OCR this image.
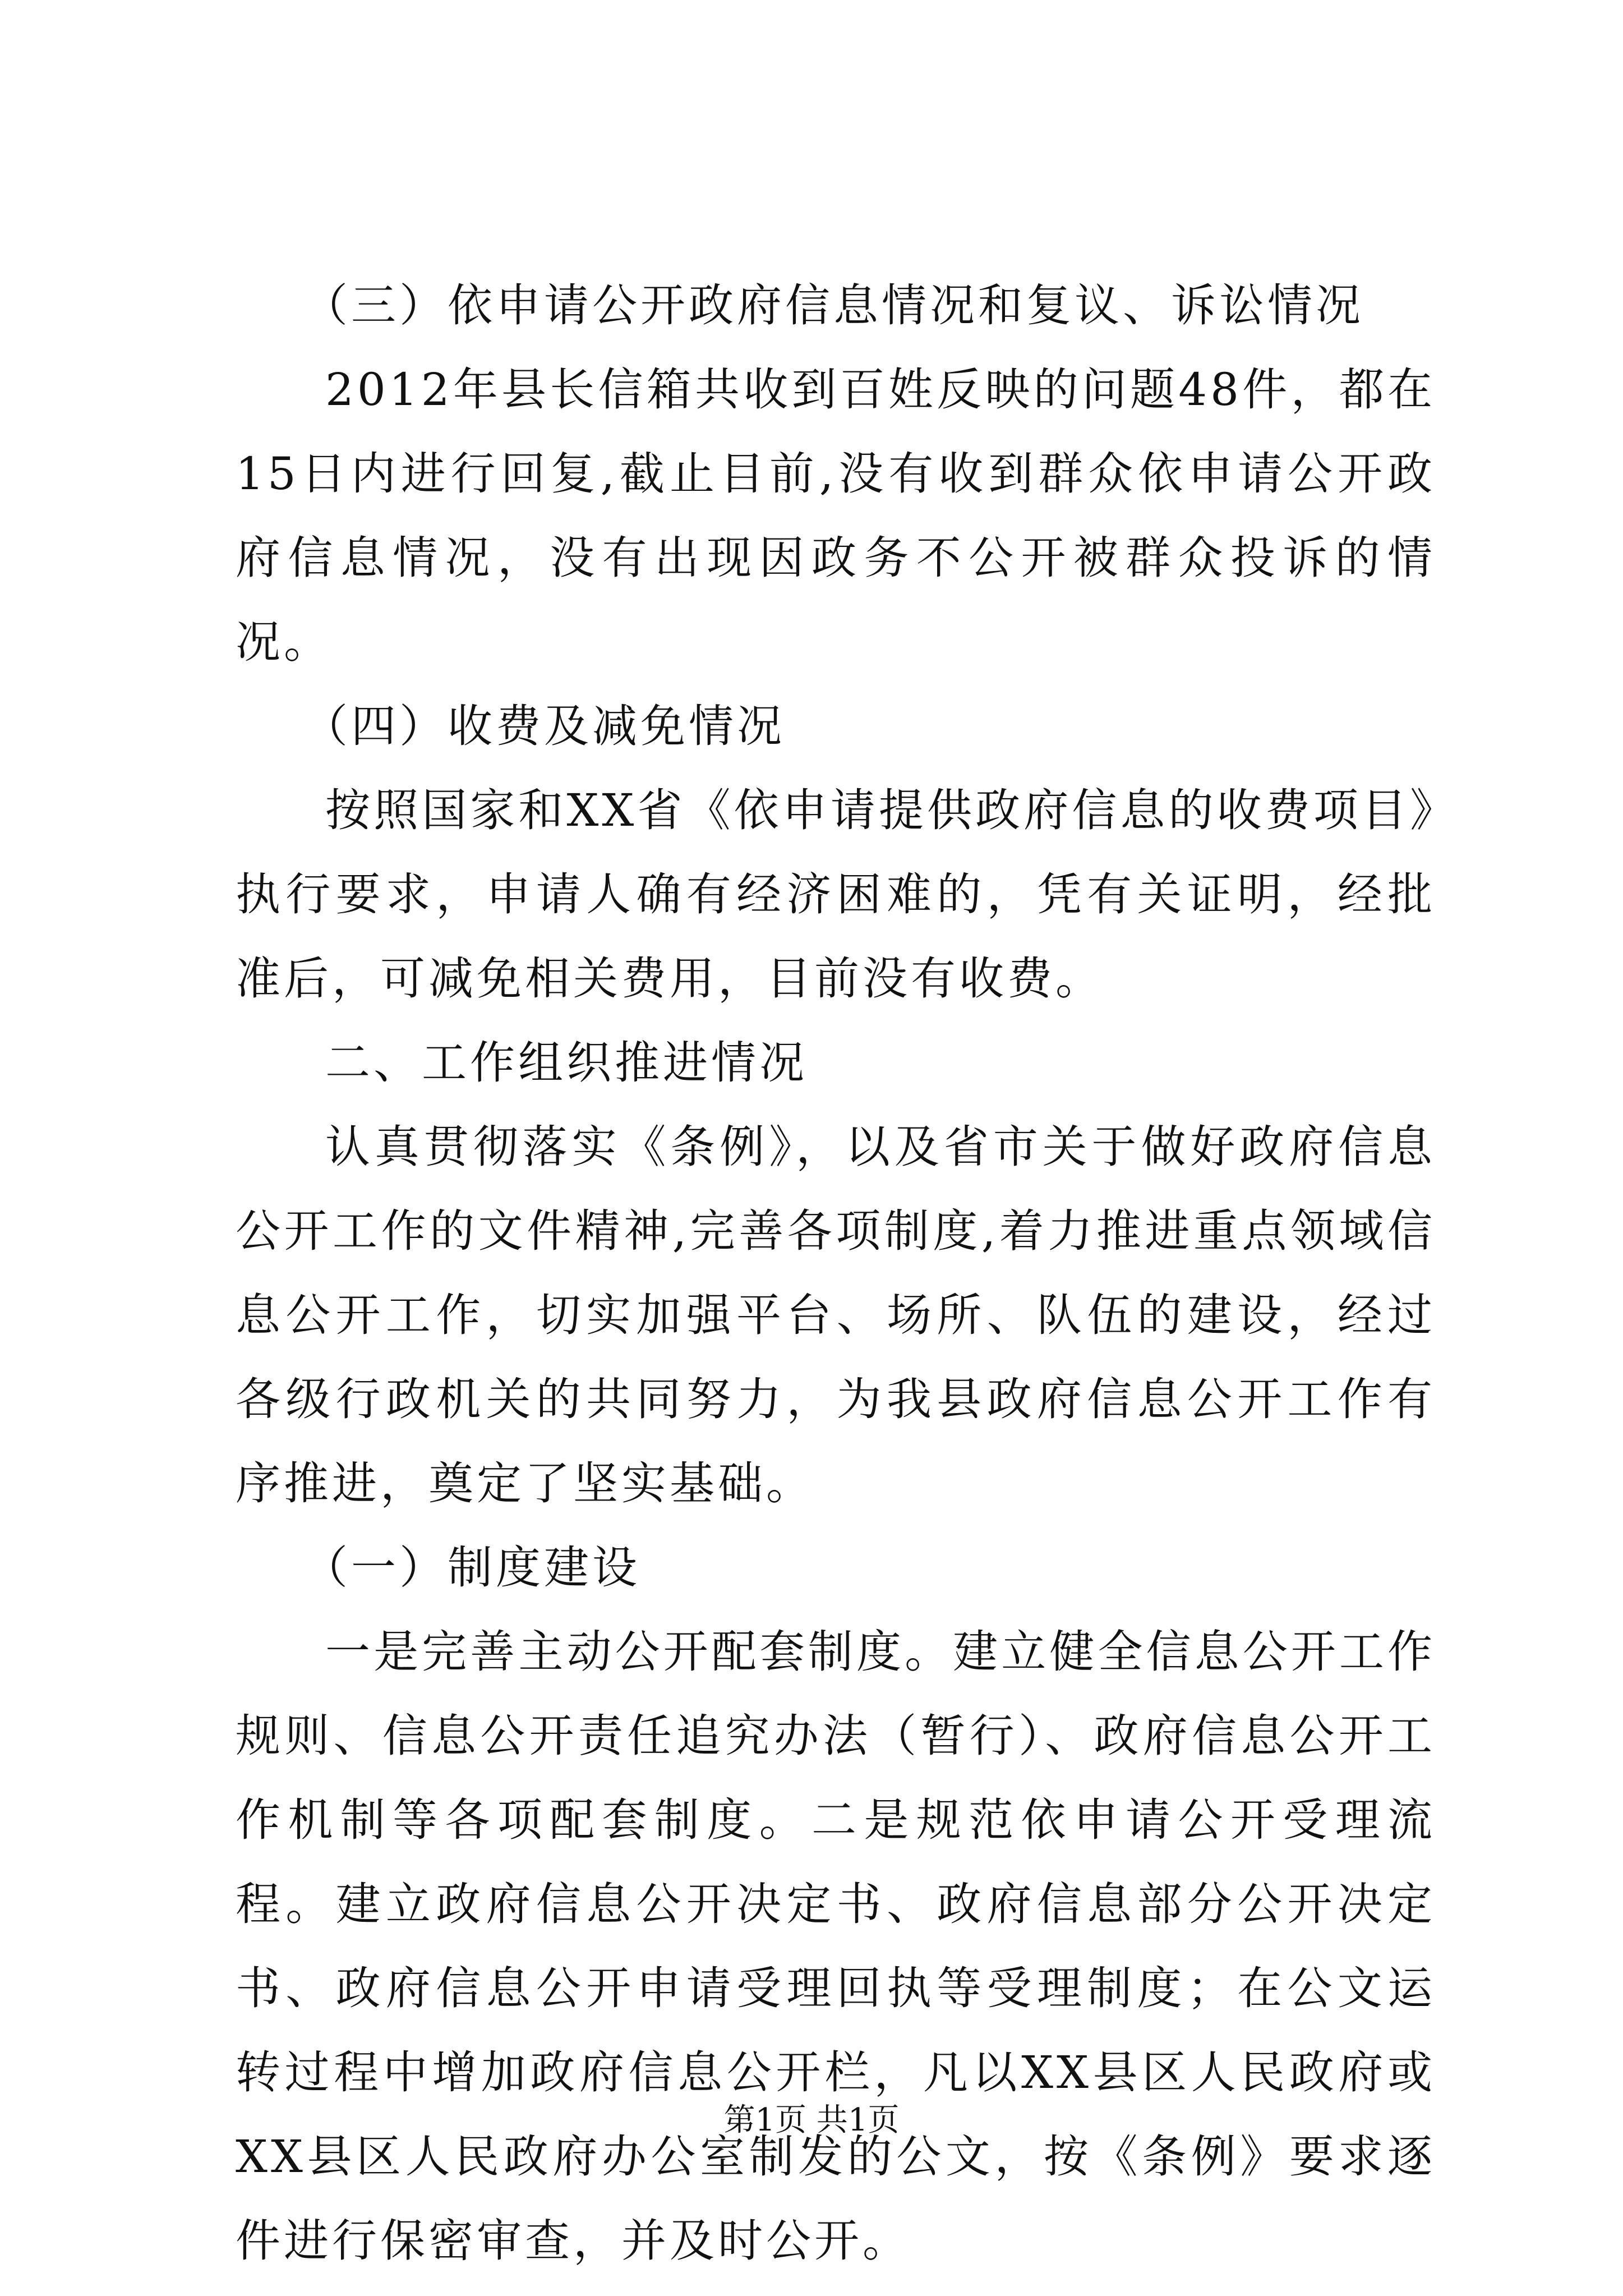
（三）依申请公开政府信息情况和复议、诉讼情况

2012年县长信箱共收到百姓反映的问题48件，都在15日内进行回复,截止目前,没有收到群众依申请公开政府信息情况，没有出现因政务不公开被群众投诉的情况。

（四）收费及减免情况

按照国家和XX省《依申请提供政府信息的收费项目》执行要求，申请人确有经济困难的，凭有关证明，经批准后，可减免相关费用，目前没有收费。

二、工作组织推进情况

认真贯彻落实《条例》，以及省市关于做好政府信息公开工作的文件精神,完善各项制度,着力推进重点领域信息公开工作，切实加强平台、场所、队伍的建设，经过各级行政机关的共同努力，为我县政府信息公开工作有序推进，奠定了坚实基础。

（一）制度建设

一是完善主动公开配套制度。建立健全信息公开工作规则、信息公开责任追究办法（暂行）、政府信息公开工作机制等各项配套制度。二是规范依申请公开受理流程。建立政府信息公开决定书、政府信息部分公开决定书、政府信息公开申请受理回执等受理制度；在公文运转过程中增加政府信息公开栏，凡以XX县区人民政府或XX县区人民政府办公室制发的公文，按《条例》要求逐件进行保密审查，并及时公开。

第1页 共1页
